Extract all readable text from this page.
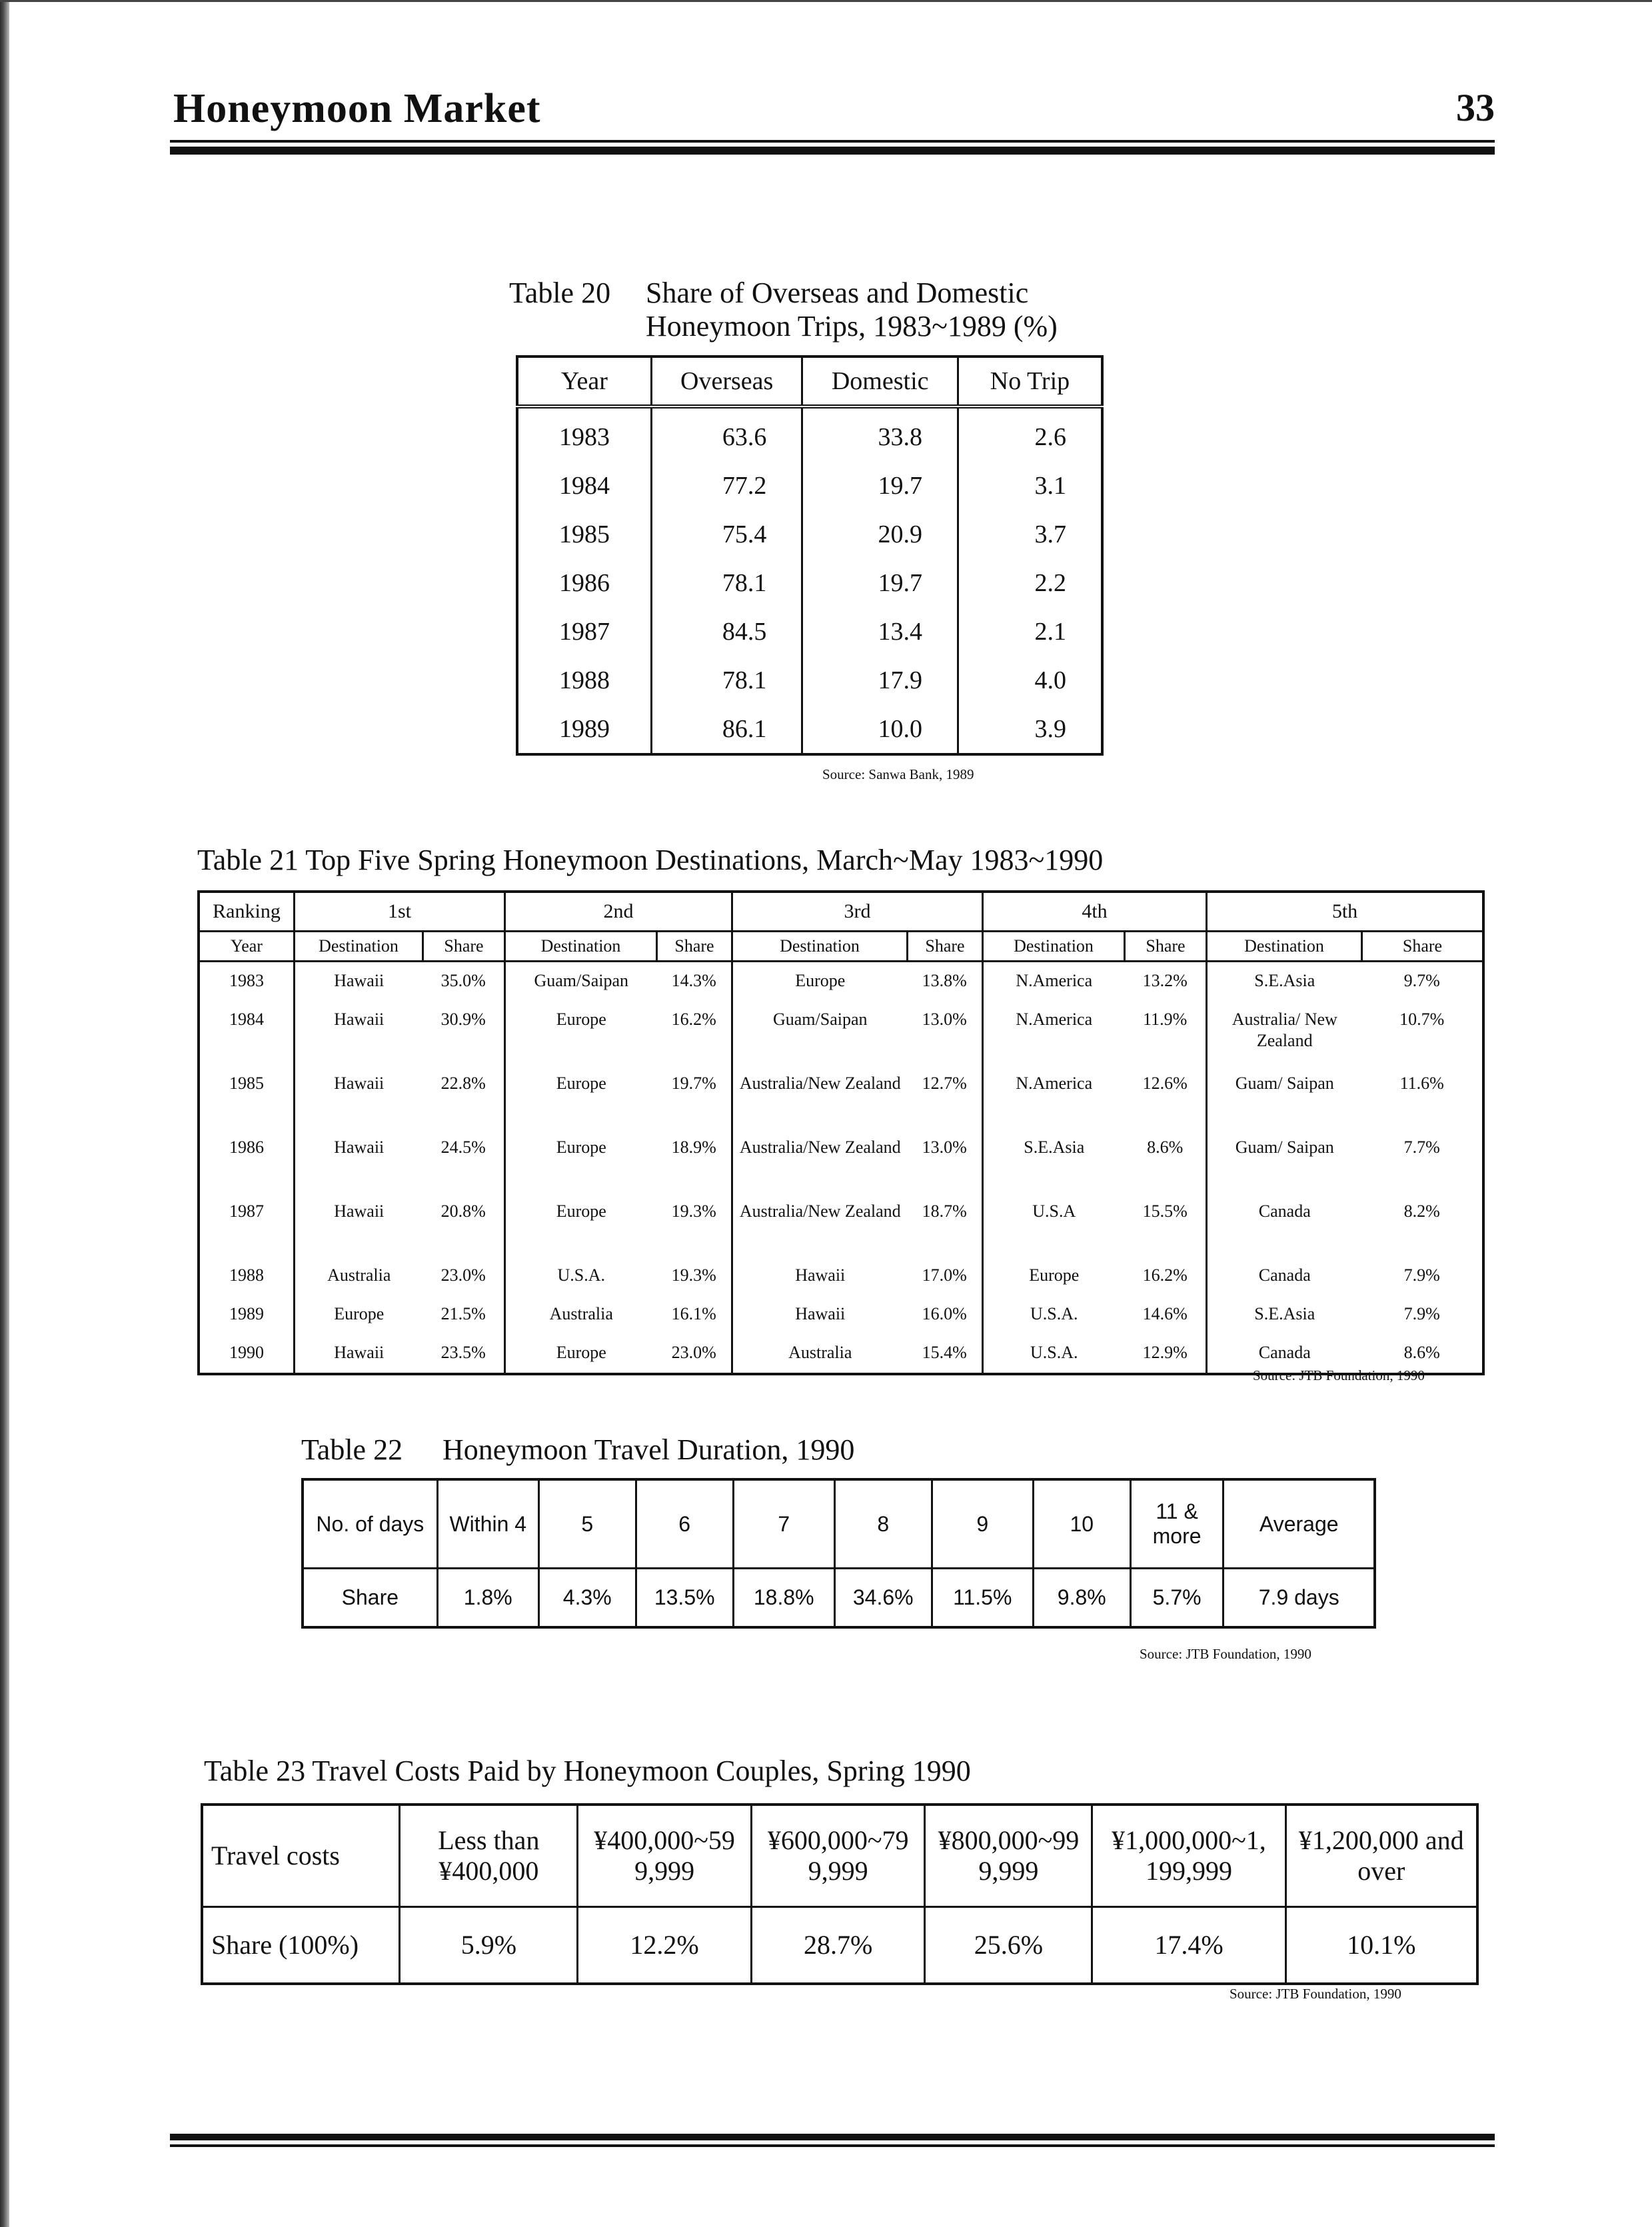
Honeymoon Market	33
Table 20 Share of Overseas and Domestic
Honeymoon Trips, 1983~1989 (%)
Year	Overseas	Domestic	No Trip
1983	63.6	33.8	2.6
1984	77.2	19.7	3.1
1985	75.4	20.9	3.7
1986	78.1	19.7	2.2
1987	84.5	13.4	2.1
1988	78.1	17.9	4.0
1989	86.1	10.0	3.9
Source: Sanwa Bank, 1989
Table 21 Top Five Spring Honeymoon Destinations, March~May 1983~1990
Ranking	1st		2nd		3rd		4th		5th	
Year	Destination	Share	Destination	Share	Destination	Share	Destination	Share	Destination	Share
1983	Hawaii	35.0%	Guam/Saipan	14.3%	Europe	13.8%	N.America	13.2%	S.E.Asia	9.7%
1984	Hawaii	30.9%	Europe	16.2%	Guam/Saipan	13.0%	N.America	11.9%	Australia/ New Zealand	10.7%
1985	Hawaii	22.8%	Europe	19.7%	Australia/New Zealand	12.7%	N.America	12.6%	Guam/ Saipan	11.6%
1986	Hawaii	24.5%	Europe	18.9%	Australia/New Zealand	13.0%	S.E.Asia	8.6%	Guam/ Saipan	7.7%
1987	Hawaii	20.8%	Europe	19.3%	Australia/New Zealand	18.7%	U.S.A	15.5%	Canada	8.2%
1988	Australia	23.0%	U.S.A.	19.3%	Hawaii	17.0%	Europe	16.2%	Canada	7.9%
1989	Europe	21.5%	Australia	16.1%	Hawaii	16.0%	U.S.A.	14.6%	S.E.Asia	7.9%
1990	Hawaii	23.5%	Europe	23.0%	Australia	15.4%	U.S.A.	12.9%	Canada	8.6%
Source: JTB Foundation, 1990
Table 22 Honeymoon Travel Duration, 1990
No. of days	Within 4	5	6	7	8	9	10	11 & more	Average
Share	1.8%	4.3%	13.5%	18.8%	34.6%	11.5%	9.8%	5.7%	7.9 days
Source: JTB Foundation, 1990
Table 23 Travel Costs Paid by Honeymoon Couples, Spring 1990
Travel costs	Less than ¥400,000	¥400,000~59 9,999	¥600,000~79 9,999	¥800,000~99 9,999	¥1,000,000~1, 199,999	¥1,200,000 and over
Share (100%)	5.9%	12.2%	28.7%	25.6%	17.4%	10.1%
Source: JTB Foundation, 1990
